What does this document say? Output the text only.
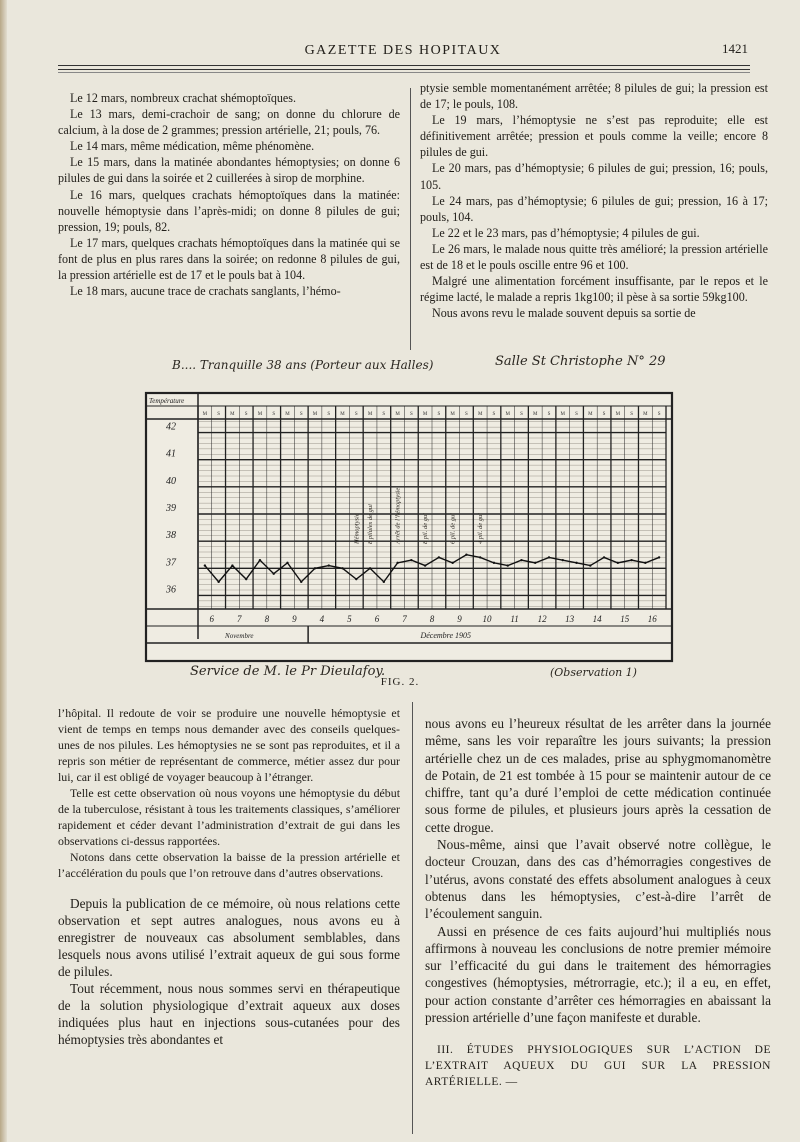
GAZETTE DES HOPITAUX	1421

Le 12 mars, nombreux crachat shémoptoïques.

Le 13 mars, demi-crachoir de sang; on donne du chlorure de calcium, à la dose de 2 grammes; pression artérielle, 21; pouls, 76.

Le 14 mars, même médication, même phénomène.

Le 15 mars, dans la matinée abondantes hémoptysies; on donne 6 pilules de gui dans la soirée et 2 cuillerées à sirop de morphine.

Le 16 mars, quelques crachats hémoptoïques dans la matinée: nouvelle hémoptysie dans l’après-midi; on donne 8 pilules de gui; pression, 19; pouls, 82.

Le 17 mars, quelques crachats hémoptoïques dans la matinée qui se font de plus en plus rares dans la soirée; on redonne 8 pilules de gui, la pression artérielle est de 17 et le pouls bat à 104.

Le 18 mars, aucune trace de crachats sanglants, l’hémo-

ptysie semble momentanément arrêtée; 8 pilules de gui; la pression est de 17; le pouls, 108.

Le 19 mars, l’hémoptysie ne s’est pas reproduite; elle est définitivement arrêtée; pression et pouls comme la veille; encore 8 pilules de gui.

Le 20 mars, pas d’hémoptysie; 6 pilules de gui; pression, 16; pouls, 105.

Le 24 mars, pas d’hémoptysie; 6 pilules de gui; pression, 16 à 17; pouls, 104.

Le 22 et le 23 mars, pas d’hémoptysie; 4 pilules de gui.

Le 26 mars, le malade nous quitte très amélioré; la pression artérielle est de 18 et le pouls oscille entre 96 et 100.

Malgré une alimentation forcément insuffisante, par le repos et le régime lacté, le malade a repris 1kg100; il pèse à sa sortie 59kg100.

Nous avons revu le malade souvent depuis sa sortie de

B.... Tranquille 38 ans (Porteur aux Halles)	Salle St Christophe N° 29
Température
M S M S M S M S M S M S M S M S M S M S M S M S M S M S M S M S M S
42
41
40
39
38
37
36
6	7	8	9	4	5	6	7	8	9 10 11 12 13 14 15 16
Novembre	Décembre 1905
Hémoptysie 8 pilules de gui	Arrêt de l’hémoptysie	8 pil. de gui	6 pil. de gui	4 pil. de gui
Service de M. le Pr Dieulafoy.	(Observation 1)
FIG. 2.

l’hôpital. Il redoute de voir se produire une nouvelle hémoptysie et vient de temps en temps nous demander avec des conseils quelques-unes de nos pilules. Les hémoptysies ne se sont pas reproduites, et il a repris son métier de représentant de commerce, métier assez dur pour lui, car il est obligé de voyager beaucoup à l’étranger.

Telle est cette observation où nous voyons une hémoptysie du début de la tuberculose, résistant à tous les traitements classiques, s’améliorer rapidement et céder devant l’administration d’extrait de gui dans les observations ci-dessus rapportées.

Notons dans cette observation la baisse de la pression artérielle et l’accélération du pouls que l’on retrouve dans d’autres observations.

Depuis la publication de ce mémoire, où nous relations cette observation et sept autres analogues, nous avons eu à enregistrer de nouveaux cas absolument semblables, dans lesquels nous avons utilisé l’extrait aqueux de gui sous forme de pilules.

Tout récemment, nous nous sommes servi en thérapeutique de la solution physiologique d’extrait aqueux aux doses indiquées plus haut en injections sous-cutanées pour des hémoptysies très abondantes et

nous avons eu l’heureux résultat de les arrêter dans la journée même, sans les voir reparaître les jours suivants; la pression artérielle chez un de ces malades, prise au sphygmomanomètre de Potain, de 21 est tombée à 15 pour se maintenir autour de ce chiffre, tant qu’a duré l’emploi de cette médication continuée sous forme de pilules, et plusieurs jours après la cessation de cette drogue.

Nous-même, ainsi que l’avait observé notre collègue, le docteur Crouzan, dans des cas d’hémorragies congestives de l’utérus, avons constaté des effets absolument analogues à ceux obtenus dans les hémoptysies, c’est-à-dire l’arrêt de l’écoulement sanguin.

Aussi en présence de ces faits aujourd’hui multipliés nous affirmons à nouveau les conclusions de notre premier mémoire sur l’efficacité du gui dans le traitement des hémorragies congestives (hémoptysies, métrorragie, etc.); il a eu, en effet, pour action constante d’arrêter ces hémorragies en abaissant la pression artérielle d’une façon manifeste et durable.

III. ÉTUDES PHYSIOLOGIQUES SUR L’ACTION DE L’EXTRAIT AQUEUX DU GUI SUR LA PRESSION ARTÉRIELLE. —
